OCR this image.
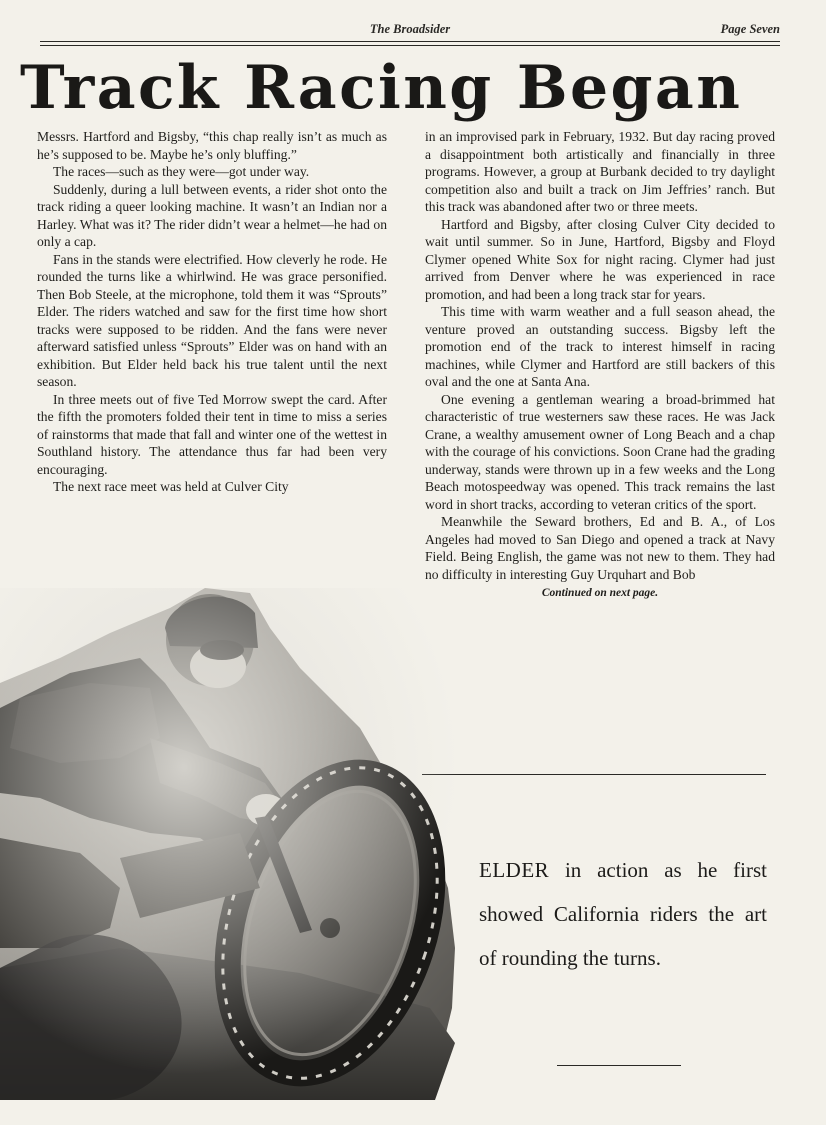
The Broadsider	Page Seven
Track Racing Began

Messrs. Hartford and Bigsby, “this chap really isn’t as much as he’s supposed to be. Maybe he’s only bluffing.”

The races—such as they were—got under way.

Suddenly, during a lull between events, a rider shot onto the track riding a queer looking machine. It wasn’t an Indian nor a Harley. What was it? The rider didn’t wear a helmet—he had on only a cap.

Fans in the stands were electrified. How cleverly he rode. He rounded the turns like a whirlwind. He was grace personified. Then Bob Steele, at the microphone, told them it was “Sprouts” Elder. The riders watched and saw for the first time how short tracks were supposed to be ridden. And the fans were never afterward satisfied unless “Sprouts” Elder was on hand with an exhibition. But Elder held back his true talent until the next season.

In three meets out of five Ted Morrow swept the card. After the fifth the promoters folded their tent in time to miss a series of rainstorms that made that fall and winter one of the wettest in Southland history. The attendance thus far had been very encouraging.

The next race meet was held at Culver City

in an improvised park in February, 1932. But day racing proved a disappointment both artistically and financially in three programs. However, a group at Burbank decided to try daylight competition also and built a track on Jim Jeffries’ ranch. But this track was abandoned after two or three meets.

Hartford and Bigsby, after closing Culver City decided to wait until summer. So in June, Hartford, Bigsby and Floyd Clymer opened White Sox for night racing. Clymer had just arrived from Denver where he was experienced in race promotion, and had been a long track star for years.

This time with warm weather and a full season ahead, the venture proved an outstanding success. Bigsby left the promotion end of the track to interest himself in racing machines, while Clymer and Hartford are still backers of this oval and the one at Santa Ana.

One evening a gentleman wearing a broad-brimmed hat characteristic of true westerners saw these races. He was Jack Crane, a wealthy amusement owner of Long Beach and a chap with the courage of his convictions. Soon Crane had the grading underway, stands were thrown up in a few weeks and the Long Beach motospeedway was opened. This track remains the last word in short tracks, according to veteran critics of the sport.

Meanwhile the Seward brothers, Ed and B. A., of Los Angeles had moved to San Diego and opened a track at Navy Field. Being English, the game was not new to them. They had no difficulty in interesting Guy Urquhart and Bob

Continued on next page.
ELDER in action as he first showed California riders the art of rounding the turns.
